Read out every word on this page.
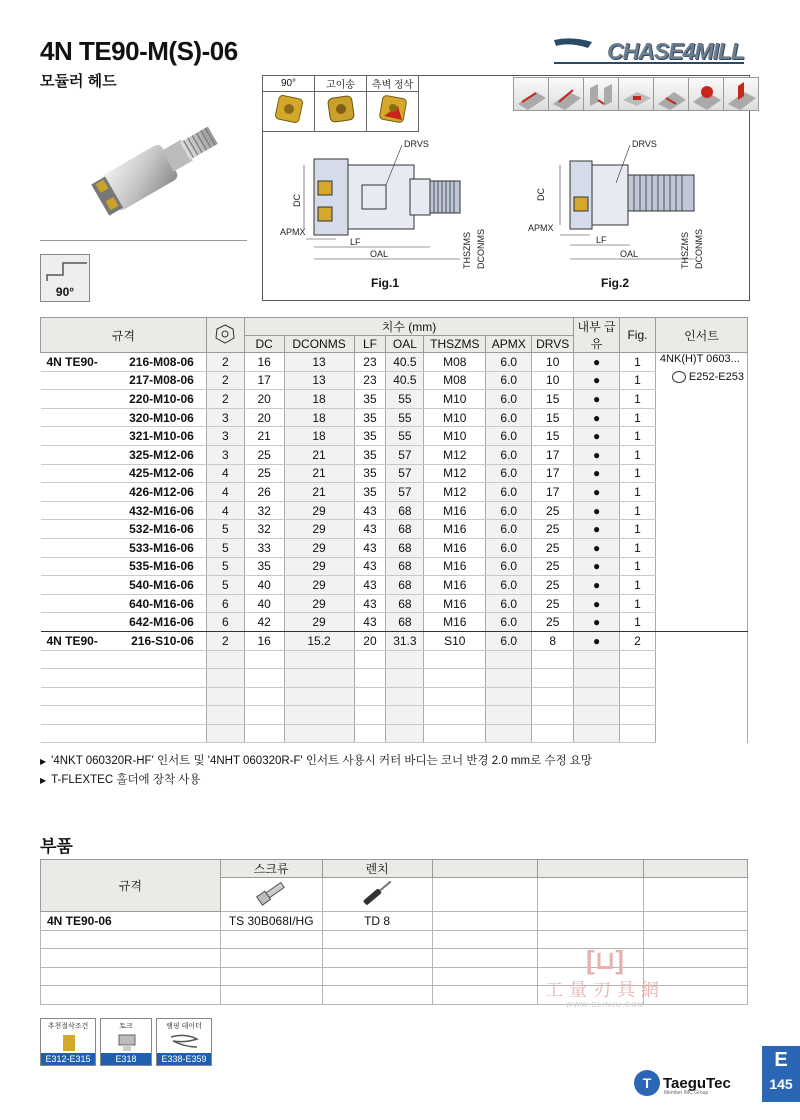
4N TE90-M(S)-06	CHASE4MILL
모듈러 헤드
90°
90°	고이송	측벽 정삭

DRVS
DC
APMX
LF
OAL	THSZMS DCONMS
Fig.1
DRVS
DC
APMX
LF
OAL	THSZMS DCONMS
Fig.2
규격			치수 (mm)							내부 급유	Fig.	인서트
			DC	DCONMS	LF	OAL	THSZMS	APMX	DRVS			
4N TE90-	216-M08-06	2	16	13	23	40.5	M08	6.0	10	●	1	4NK(H)T 0603...
	217-M08-06	2	17	13	23	40.5	M08	6.0	10	●	1	E252-E253
	220-M10-06	2	20	18	35	55	M10	6.0	15	●	1	
	320-M10-06	3	20	18	35	55	M10	6.0	15	●	1	
	321-M10-06	3	21	18	35	55	M10	6.0	15	●	1	
	325-M12-06	3	25	21	35	57	M12	6.0	17	●	1	
	425-M12-06	4	25	21	35	57	M12	6.0	17	●	1	
	426-M12-06	4	26	21	35	57	M12	6.0	17	●	1	
	432-M16-06	4	32	29	43	68	M16	6.0	25	●	1	
	532-M16-06	5	32	29	43	68	M16	6.0	25	●	1	
	533-M16-06	5	33	29	43	68	M16	6.0	25	●	1	
	535-M16-06	5	35	29	43	68	M16	6.0	25	●	1	
	540-M16-06	5	40	29	43	68	M16	6.0	25	●	1	
	640-M16-06	6	40	29	43	68	M16	6.0	25	●	1	
	642-M16-06	6	42	29	43	68	M16	6.0	25	●	1	
4N TE90-	216-S10-06	2	16	15.2	20	31.3	S10	6.0	8	●	2	

▶ '4NKT 060320R-HF' 인서트 및 '4NHT 060320R-F' 인서트 사용시 커터 바디는 코너 반경 2.0 mm로 수정 요망
▶ T-FLEXTEC 홀더에 장착 사용
부품
규격	스크류	렌치			

4N TE90-06	TS 30B068I/HG	TD 8			

[⊔]
工量刃具網
WWW.GLINJU.COM
추천절삭조건
E312-E315
토크
E318
램핑 데이터
E338-E359
T TaeguTec
Member IMC Group
E
145
